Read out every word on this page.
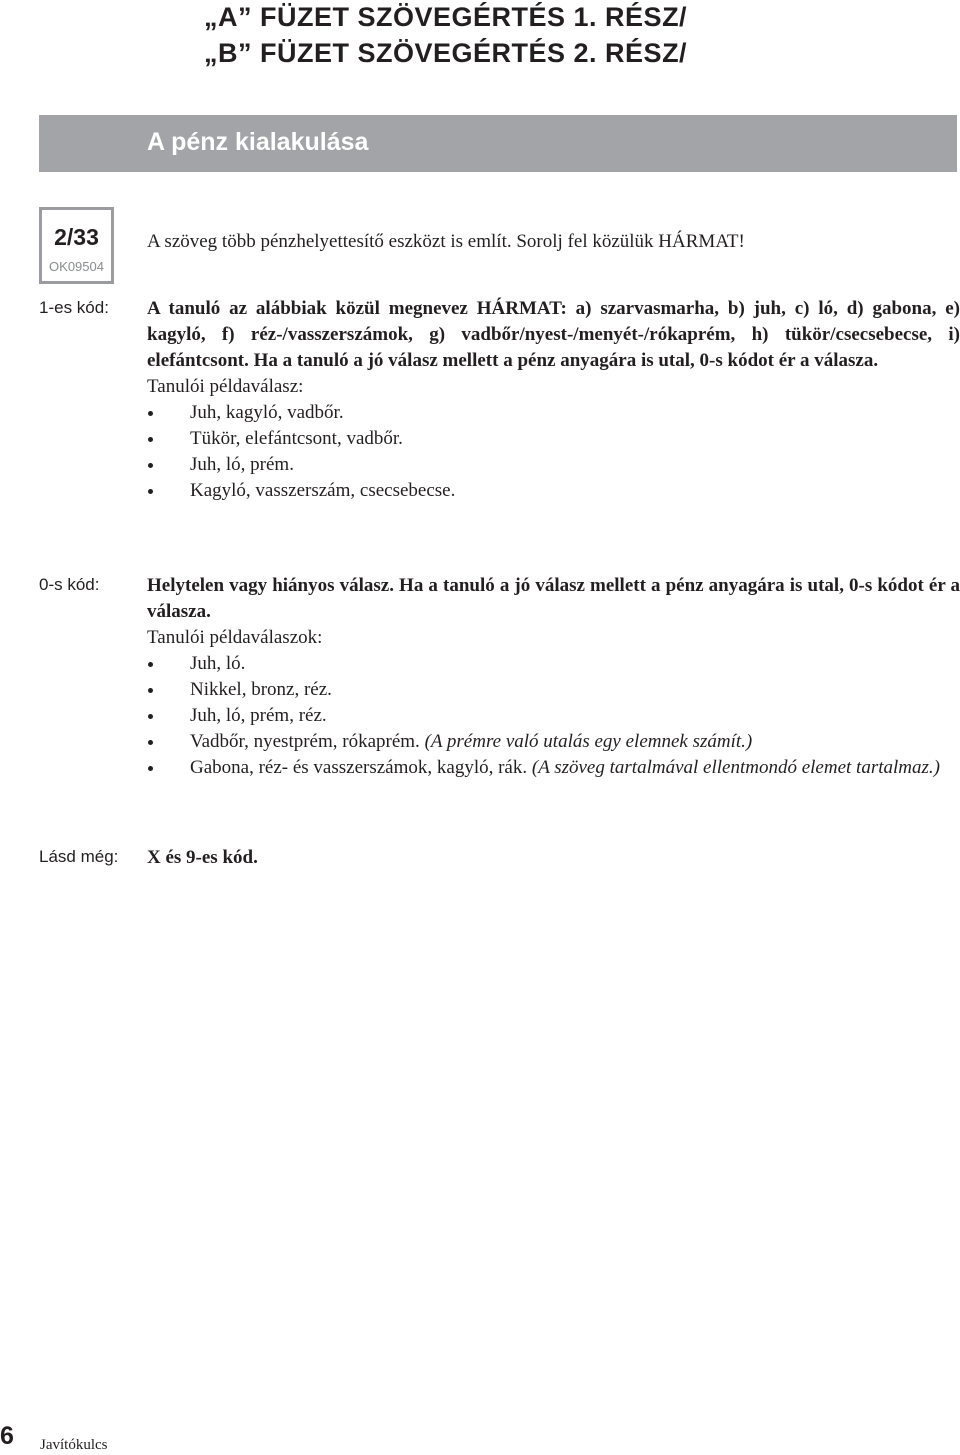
„A” FÜZET SZÖVEGÉRTÉS 1. RÉSZ/
„B” FÜZET SZÖVEGÉRTÉS 2. RÉSZ/
A pénz kialakulása
2/33
OK09504
A szöveg több pénzhelyettesítő eszközt is említ. Sorolj fel közülük HÁRMAT!
1-es kód: A tanuló az alábbiak közül megnevez HÁRMAT: a) szarvasmarha, b) juh, c) ló, d) gabona, e) kagyló, f) réz-/vasszerszámok, g) vadbőr/nyest-/menyét-/rókaprém, h) tükör/csecsebecse, i) elefántcsont. Ha a tanuló a jó válasz mellett a pénz anyagára is utal, 0-s kódot ér a válasza.
Tanulói példaválasz:
Juh, kagyló, vadbőr.
Tükör, elefántcsont, vadbőr.
Juh, ló, prém.
Kagyló, vasszerszám, csecsebecse.
0-s kód:	Helytelen vagy hiányos válasz. Ha a tanuló a jó válasz mellett a pénz anyagára is utal, 0-s kódot ér a válasza.
Tanulói példaválaszok:
Juh, ló.
Nikkel, bronz, réz.
Juh, ló, prém, réz.
Vadbőr, nyestprém, rókaprém. (A prémre való utalás egy elemnek számít.)
Gabona, réz- és vasszerszámok, kagyló, rák. (A szöveg tartalmával ellentmondó elemet tartalmaz.)
Lásd még: X és 9-es kód.
6 Javítókulcs
